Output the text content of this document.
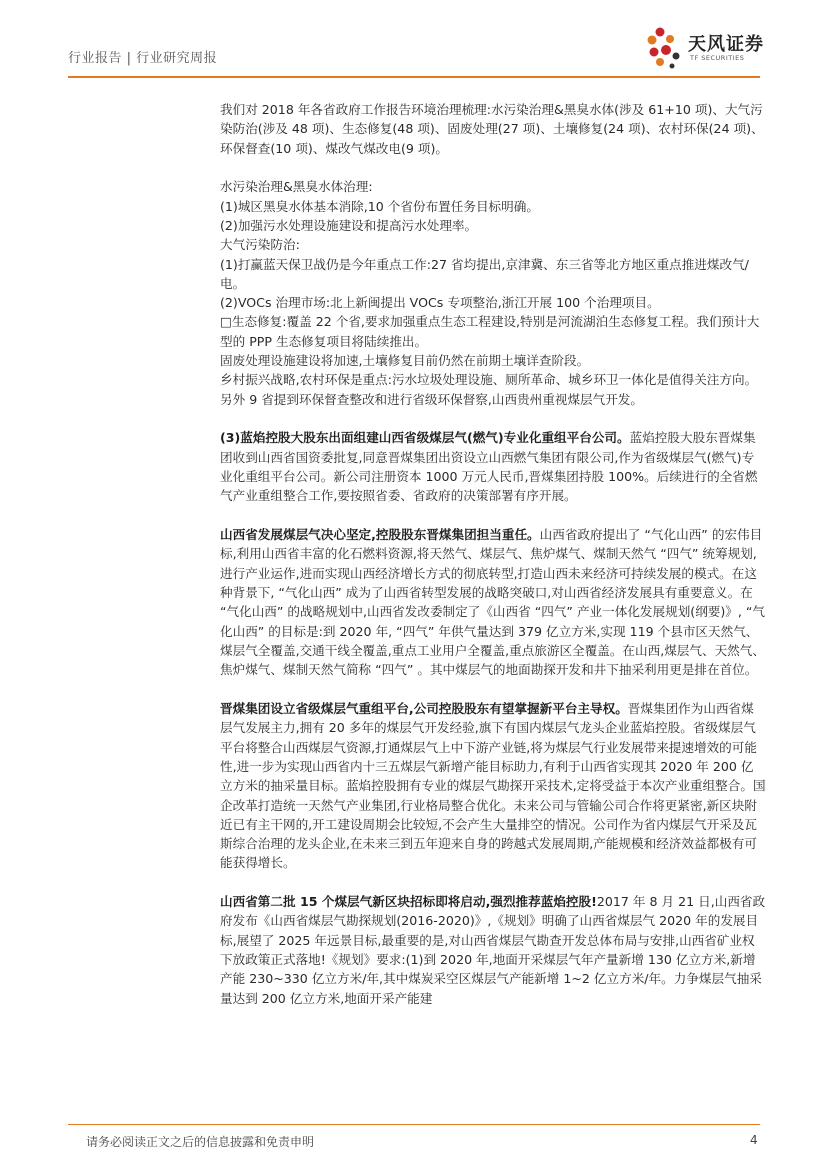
行业报告 | 行业研究周报
天风证券
TF SECURITIES

我们对 2018 年各省政府工作报告环境治理梳理:水污染治理&黑臭水体(涉及 61+10 项)、大气污染防治(涉及 48 项)、生态修复(48 项)、固废处理(27 项)、土壤修复(24 项)、农村环保(24 项)、环保督查(10 项)、煤改气煤改电(9 项)。

水污染治理&黑臭水体治理:

(1)城区黑臭水体基本消除,10 个省份布置任务目标明确。

(2)加强污水处理设施建设和提高污水处理率。

大气污染防治:

(1)打赢蓝天保卫战仍是今年重点工作:27 省均提出,京津冀、东三省等北方地区重点推进煤改气/电。

(2)VOCs 治理市场:北上新闽提出 VOCs 专项整治,浙江开展 100 个治理项目。

□生态修复:覆盖 22 个省,要求加强重点生态工程建设,特别是河流湖泊生态修复工程。我们预计大型的 PPP 生态修复项目将陆续推出。

固废处理设施建设将加速,土壤修复目前仍然在前期土壤详查阶段。

乡村振兴战略,农村环保是重点:污水垃圾处理设施、厕所革命、城乡环卫一体化是值得关注方向。

另外 9 省提到环保督查整改和进行省级环保督察,山西贵州重视煤层气开发。

(3)蓝焰控股大股东出面组建山西省级煤层气(燃气)专业化重组平台公司。蓝焰控股大股东晋煤集团收到山西省国资委批复,同意晋煤集团出资设立山西燃气集团有限公司,作为省级煤层气(燃气)专业化重组平台公司。新公司注册资本 1000 万元人民币,晋煤集团持股 100%。后续进行的全省燃气产业重组整合工作,要按照省委、省政府的决策部署有序开展。

山西省发展煤层气决心坚定,控股股东晋煤集团担当重任。山西省政府提出了 “气化山西” 的宏伟目标,利用山西省丰富的化石燃料资源,将天然气、煤层气、焦炉煤气、煤制天然气 “四气” 统筹规划,进行产业运作,进而实现山西经济增长方式的彻底转型,打造山西未来经济可持续发展的模式。在这种背景下, “气化山西” 成为了山西省转型发展的战略突破口,对山西省经济发展具有重要意义。在 “气化山西” 的战略规划中,山西省发改委制定了《山西省 “四气” 产业一体化发展规划(纲要)》, “气化山西” 的目标是:到 2020 年, “四气” 年供气量达到 379 亿立方米,实现 119 个县市区天然气、煤层气全覆盖,交通干线全覆盖,重点工业用户全覆盖,重点旅游区全覆盖。在山西,煤层气、天然气、焦炉煤气、煤制天然气简称 “四气” 。其中煤层气的地面勘探开发和井下抽采利用更是排在首位。

晋煤集团设立省级煤层气重组平台,公司控股股东有望掌握新平台主导权。晋煤集团作为山西省煤层气发展主力,拥有 20 多年的煤层气开发经验,旗下有国内煤层气龙头企业蓝焰控股。省级煤层气平台将整合山西煤层气资源,打通煤层气上中下游产业链,将为煤层气行业发展带来提速增效的可能性,进一步为实现山西省内十三五煤层气新增产能目标助力,有利于山西省实现其 2020 年 200 亿立方米的抽采量目标。蓝焰控股拥有专业的煤层气勘探开采技术,定将受益于本次产业重组整合。国企改革打造统一天然气产业集团,行业格局整合优化。未来公司与管输公司合作将更紧密,新区块附近已有主干网的,开工建设周期会比较短,不会产生大量排空的情况。公司作为省内煤层气开采及瓦斯综合治理的龙头企业,在未来三到五年迎来自身的跨越式发展周期,产能规模和经济效益都极有可能获得增长。

山西省第二批 15 个煤层气新区块招标即将启动,强烈推荐蓝焰控股!2017 年 8 月 21 日,山西省政府发布《山西省煤层气勘探规划(2016-2020)》,《规划》明确了山西省煤层气 2020 年的发展目标,展望了 2025 年远景目标,最重要的是,对山西省煤层气勘查开发总体布局与安排,山西省矿业权下放政策正式落地!《规划》要求:(1)到 2020 年,地面开采煤层气年产量新增 130 亿立方米,新增产能 230~330 亿立方米/年,其中煤炭采空区煤层气产能新增 1~2 亿立方米/年。力争煤层气抽采量达到 200 亿立方米,地面开采产能建

请务必阅读正文之后的信息披露和免责申明	4
